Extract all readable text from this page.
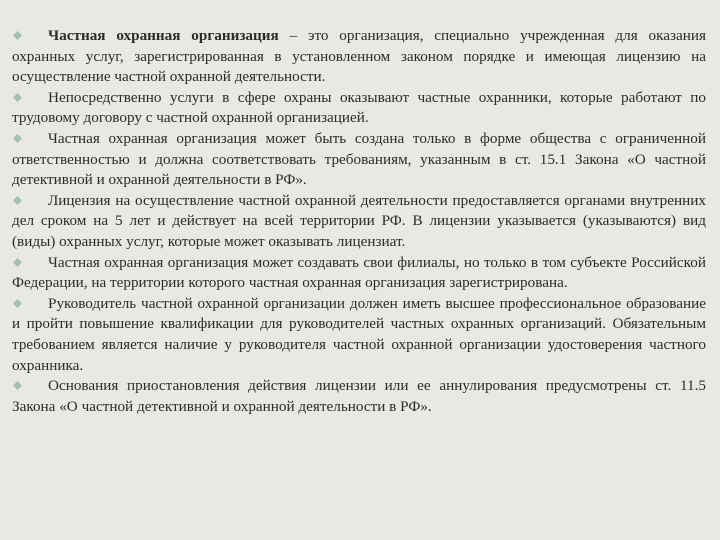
Частная охранная организация – это организация, специально учрежденная для оказания охранных услуг, зарегистрированная в установленном законом порядке и имеющая лицензию на осуществление частной охранной деятельности.

Непосредственно услуги в сфере охраны оказывают частные охранники, которые работают по трудовому договору с частной охранной организацией.

Частная охранная организация может быть создана только в форме общества с ограниченной ответственностью и должна соответствовать требованиям, указанным в ст. 15.1 Закона «О частной детективной и охранной деятельности в РФ».

Лицензия на осуществление частной охранной деятельности предоставляется органами внутренних дел сроком на 5 лет и действует на всей территории РФ. В лицензии указывается (указываются) вид (виды) охранных услуг, которые может оказывать лицензиат.

Частная охранная организация может создавать свои филиалы, но только в том субъекте Российской Федерации, на территории которого частная охранная организация зарегистрирована.

Руководитель частной охранной организации должен иметь высшее профессиональное образование и пройти повышение квалификации для руководителей частных охранных организаций. Обязательным требованием является наличие у руководителя частной охранной организации удостоверения частного охранника.

Основания приостановления действия лицензии или ее аннулирования предусмотрены ст. 11.5 Закона «О частной детективной и охранной деятельности в РФ».
